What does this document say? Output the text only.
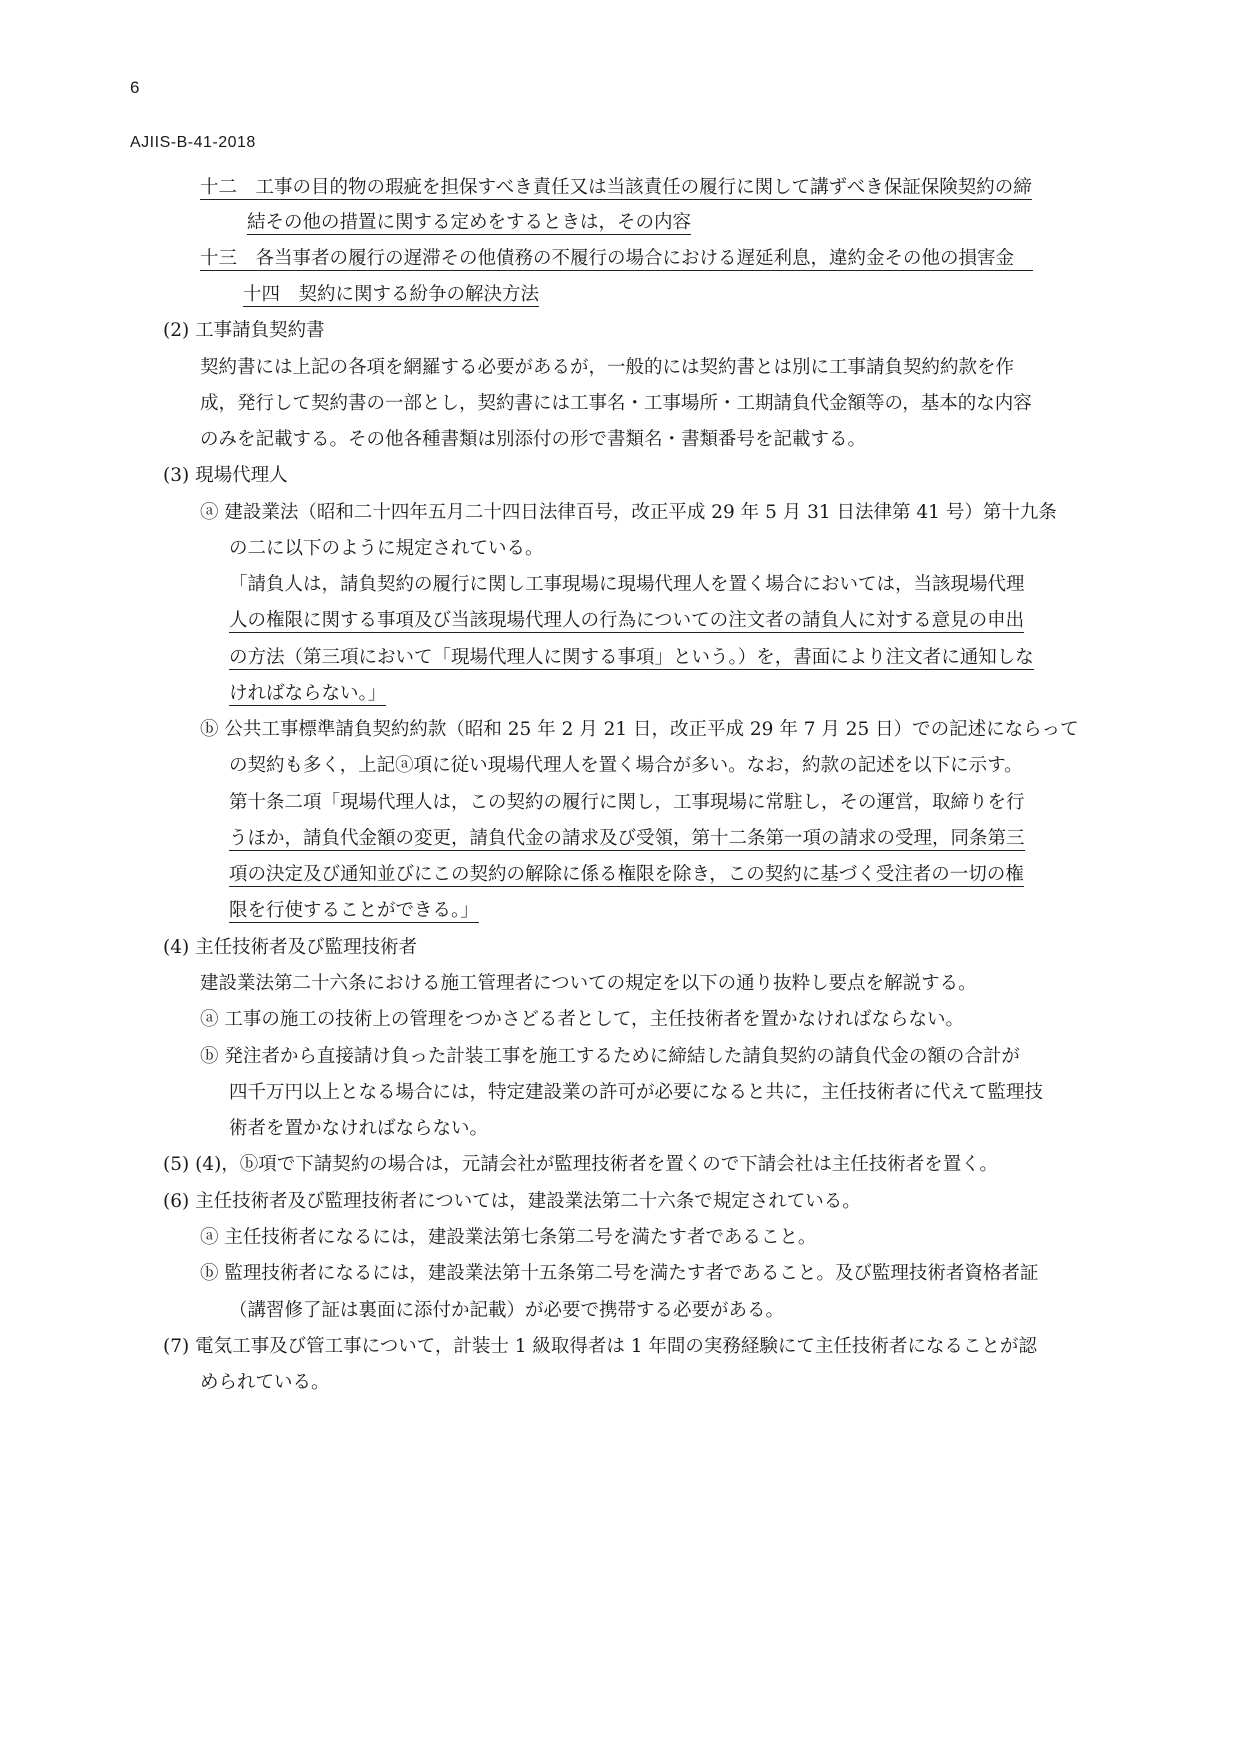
6
AJIIS-B-41-2018
十二　工事の目的物の瑕疵を担保すべき責任又は当該責任の履行に関して講ずべき保証保険契約の締
結その他の措置に関する定めをするときは，その内容
十三　各当事者の履行の遅滞その他債務の不履行の場合における遅延利息，違約金その他の損害金　
十四　契約に関する紛争の解決方法
(2) 工事請負契約書
契約書には上記の各項を網羅する必要があるが，一般的には契約書とは別に工事請負契約約款を作
成，発行して契約書の一部とし，契約書には工事名・工事場所・工期請負代金額等の，基本的な内容
のみを記載する。その他各種書類は別添付の形で書類名・書類番号を記載する。
(3) 現場代理人
ⓐ 建設業法（昭和二十四年五月二十四日法律百号，改正平成 29 年 5 月 31 日法律第 41 号）第十九条
の二に以下のように規定されている。
「請負人は，請負契約の履行に関し工事現場に現場代理人を置く場合においては，当該現場代理
人の権限に関する事項及び当該現場代理人の行為についての注文者の請負人に対する意見の申出
の方法（第三項において「現場代理人に関する事項」という。）を，書面により注文者に通知しな
ければならない。」
ⓑ 公共工事標準請負契約約款（昭和 25 年 2 月 21 日，改正平成 29 年 7 月 25 日）での記述にならって
の契約も多く，上記ⓐ項に従い現場代理人を置く場合が多い。なお，約款の記述を以下に示す。
第十条二項「現場代理人は，この契約の履行に関し，工事現場に常駐し，その運営，取締りを行
うほか，請負代金額の変更，請負代金の請求及び受領，第十二条第一項の請求の受理，同条第三
項の決定及び通知並びにこの契約の解除に係る権限を除き，この契約に基づく受注者の一切の権
限を行使することができる。」
(4) 主任技術者及び監理技術者
建設業法第二十六条における施工管理者についての規定を以下の通り抜粋し要点を解説する。
ⓐ 工事の施工の技術上の管理をつかさどる者として，主任技術者を置かなければならない。
ⓑ 発注者から直接請け負った計装工事を施工するために締結した請負契約の請負代金の額の合計が
四千万円以上となる場合には，特定建設業の許可が必要になると共に，主任技術者に代えて監理技
術者を置かなければならない。
(5) (4)，ⓑ項で下請契約の場合は，元請会社が監理技術者を置くので下請会社は主任技術者を置く。
(6) 主任技術者及び監理技術者については，建設業法第二十六条で規定されている。
ⓐ 主任技術者になるには，建設業法第七条第二号を満たす者であること。
ⓑ 監理技術者になるには，建設業法第十五条第二号を満たす者であること。及び監理技術者資格者証
（講習修了証は裏面に添付か記載）が必要で携帯する必要がある。
(7) 電気工事及び管工事について，計装士 1 級取得者は 1 年間の実務経験にて主任技術者になることが認
められている。
